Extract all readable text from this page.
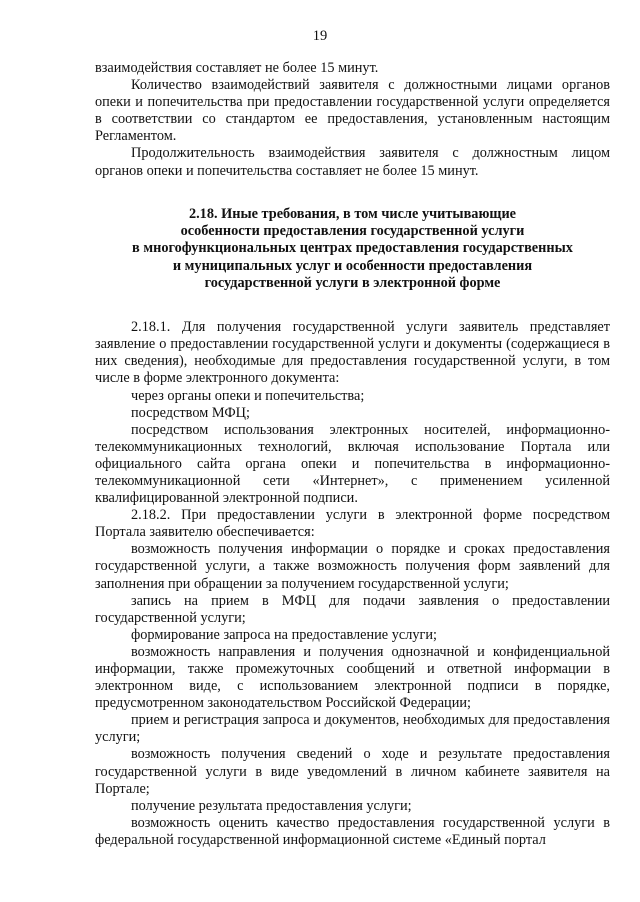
19

взаимодействия составляет не более 15 минут.

Количество взаимодействий заявителя с должностными лицами органов опеки и попечительства при предоставлении государственной услуги определяется в соответствии со стандартом ее предоставления, установленным настоящим Регламентом.

Продолжительность взаимодействия заявителя с должностным лицом органов опеки и попечительства составляет не более 15 минут.

2.18. Иные требования, в том числе учитывающие
особенности предоставления государственной услуги
в многофункциональных центрах предоставления государственных
и муниципальных услуг и особенности предоставления
государственной услуги в электронной форме

2.18.1. Для получения государственной услуги заявитель представляет заявление о предоставлении государственной услуги и документы (содержащиеся в них сведения), необходимые для предоставления государственной услуги, в том числе в форме электронного документа:

через органы опеки и попечительства;

посредством МФЦ;

посредством использования электронных носителей, информационно-телекоммуникационных технологий, включая использование Портала или официального сайта органа опеки и попечительства в информационно-телекоммуникационной сети «Интернет», с применением усиленной квалифицированной электронной подписи.

2.18.2. При предоставлении услуги в электронной форме посредством Портала заявителю обеспечивается:

возможность получения информации о порядке и сроках предоставления государственной услуги, а также возможность получения форм заявлений для заполнения при обращении за получением государственной услуги;

запись на прием в МФЦ для подачи заявления о предоставлении государственной услуги;

формирование запроса на предоставление услуги;

возможность направления и получения однозначной и конфиденциальной информации, также промежуточных сообщений и ответной информации в электронном виде, с использованием электронной подписи в порядке, предусмотренном законодательством Российской Федерации;

прием и регистрация запроса и документов, необходимых для предоставления услуги;

возможность получения сведений о ходе и результате предоставления государственной услуги в виде уведомлений в личном кабинете заявителя на Портале;

получение результата предоставления услуги;

возможность оценить качество предоставления государственной услуги в федеральной государственной информационной системе «Единый портал
